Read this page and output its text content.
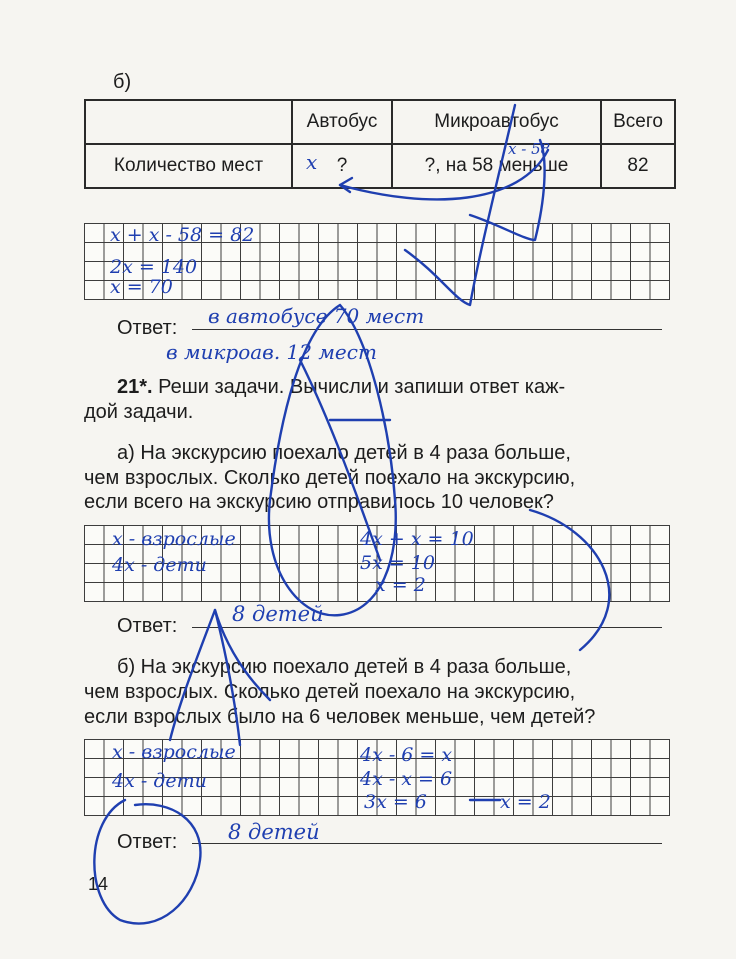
б)
	Автобус	Микроавтобус	Всего
Количество мест	?	?, на 58 меньше	82
x
x - 58
x + x - 58 = 82
2x = 140
x = 70
Ответ: в автобусе 70 мест
в микроав. 12 мест
21*. Реши задачи. Вычисли и запиши ответ каж-
дой задачи.
а) На экскурсию поехало детей в 4 раза больше,
чем взрослых. Сколько детей поехало на экскурсию,
если всего на экскурсию отправилось 10 человек?
x - взрослые
4x - дети
4x + x = 10
5x = 10
x = 2
Ответ:	8 детей
б) На экскурсию поехало детей в 4 раза больше,
чем взрослых. Сколько детей поехало на экскурсию,
если взрослых было на 6 человек меньше, чем детей?
x - взрослые
4x - дети
4x - 6 = x
4x - x = 6
3x = 6	x = 2
Ответ: 8 детей
14
